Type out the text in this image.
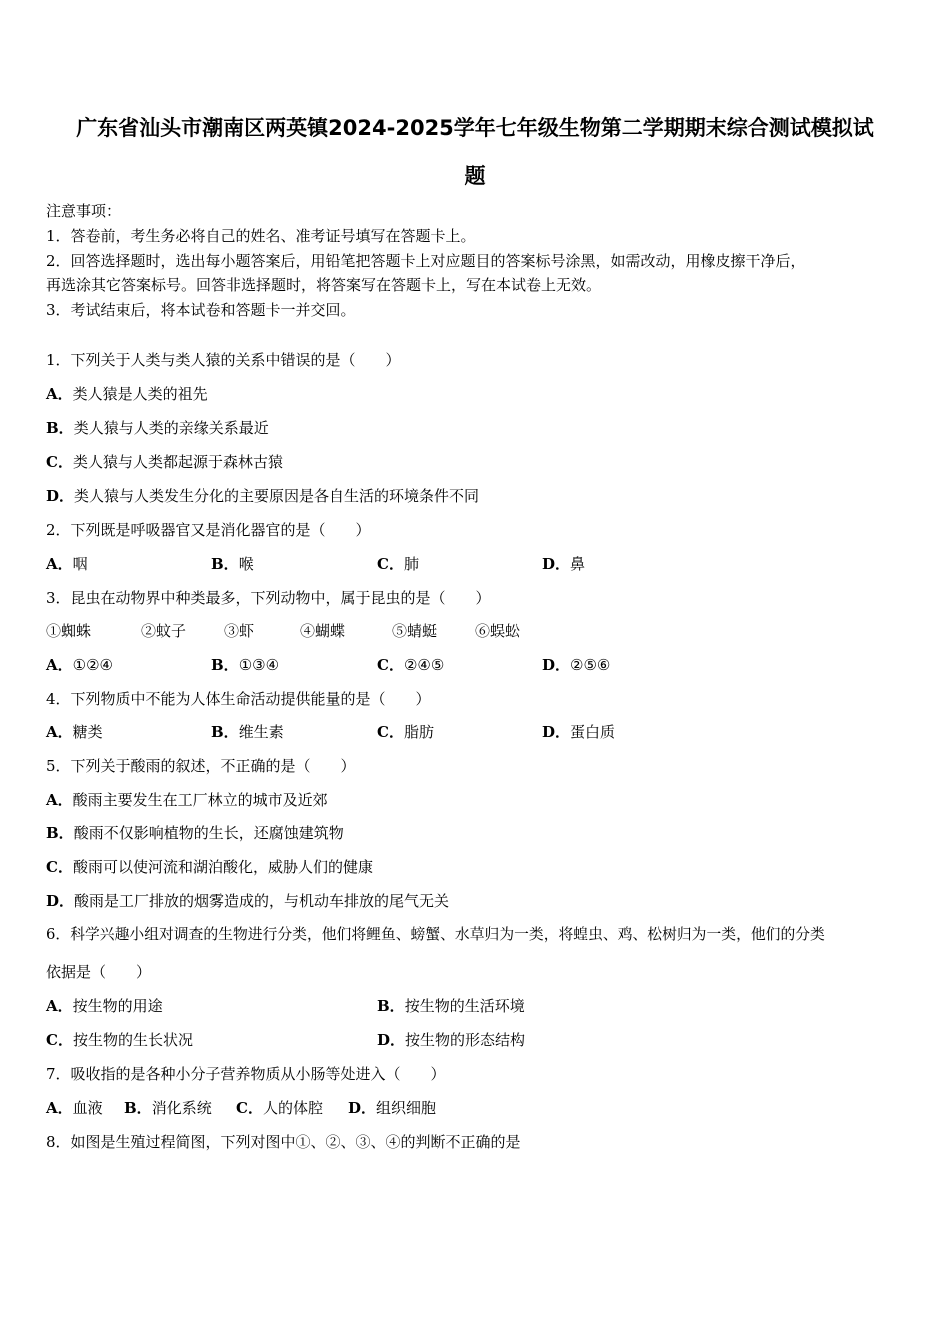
广东省汕头市潮南区两英镇2024-2025学年七年级生物第二学期期末综合测试模拟试
题
注意事项：
1．答卷前，考生务必将自己的姓名、准考证号填写在答题卡上。
2．回答选择题时，选出每小题答案后，用铅笔把答题卡上对应题目的答案标号涂黑，如需改动，用橡皮擦干净后，
再选涂其它答案标号。回答非选择题时，将答案写在答题卡上，写在本试卷上无效。
3．考试结束后，将本试卷和答题卡一并交回。
1．下列关于人类与类人猿的关系中错误的是（　　）
A．类人猿是人类的祖先
B．类人猿与人类的亲缘关系最近
C．类人猿与人类都起源于森林古猿
D．类人猿与人类发生分化的主要原因是各自生活的环境条件不同
2．下列既是呼吸器官又是消化器官的是（　　）
A．咽	B．喉	C．肺	D．鼻
3．昆虫在动物界中种类最多，下列动物中，属于昆虫的是（　　）
①蜘蛛	②蚊子	③虾	④蝴蝶	⑤蜻蜓	⑥蜈蚣
A．①②④	B．①③④	C．②④⑤	D．②⑤⑥
4．下列物质中不能为人体生命活动提供能量的是（　　）
A．糖类	B．维生素	C．脂肪	D．蛋白质
5．下列关于酸雨的叙述，不正确的是（　　）
A．酸雨主要发生在工厂林立的城市及近郊
B．酸雨不仅影响植物的生长，还腐蚀建筑物
C．酸雨可以使河流和湖泊酸化，威胁人们的健康
D．酸雨是工厂排放的烟雾造成的，与机动车排放的尾气无关
6．科学兴趣小组对调查的生物进行分类，他们将鲤鱼、螃蟹、水草归为一类，将蝗虫、鸡、松树归为一类，他们的分类
依据是（　　）
A．按生物的用途	B．按生物的生活环境
C．按生物的生长状况	D．按生物的形态结构
7．吸收指的是各种小分子营养物质从小肠等处进入（　　）
A．血液 B．消化系统 C．人的体腔 D．组织细胞
8．如图是生殖过程简图，下列对图中①、②、③、④的判断不正确的是
